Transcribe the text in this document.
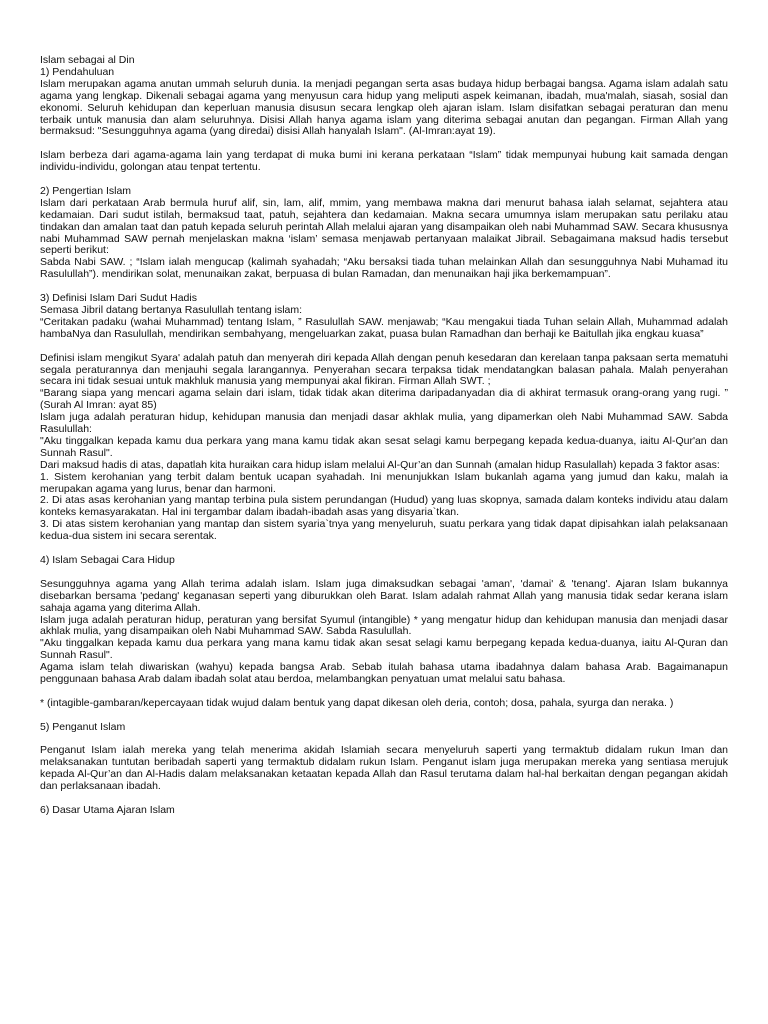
Islam sebagai al Din
1) Pendahuluan
Islam merupakan agama anutan ummah seluruh dunia. Ia menjadi pegangan serta asas budaya hidup berbagai bangsa. Agama islam adalah satu agama yang lengkap. Dikenali sebagai agama yang menyusun cara hidup yang meliputi aspek keimanan, ibadah, mua'malah, siasah, sosial dan ekonomi. Seluruh kehidupan dan keperluan manusia disusun secara lengkap oleh ajaran islam. Islam disifatkan sebagai peraturan dan menu terbaik untuk manusia dan alam seluruhnya. Disisi Allah hanya agama islam yang diterima sebagai anutan dan pegangan. Firman Allah yang bermaksud: "Sesungguhnya agama (yang diredai) disisi Allah hanyalah Islam". (Al-Imran:ayat 19).
Islam berbeza dari agama-agama lain yang terdapat di muka bumi ini kerana perkataan “Islam” tidak mempunyai hubung kait samada dengan individu-individu, golongan atau tenpat tertentu.
2) Pengertian Islam
Islam dari perkataan Arab bermula huruf alif, sin, lam, alif, mmim, yang membawa makna dari menurut bahasa ialah selamat, sejahtera atau kedamaian. Dari sudut istilah, bermaksud taat, patuh, sejahtera dan kedamaian. Makna secara umumnya islam merupakan satu perilaku atau tindakan dan amalan taat dan patuh kepada seluruh perintah Allah melalui ajaran yang disampaikan oleh nabi Muhammad SAW. Secara khususnya nabi Muhammad SAW pernah menjelaskan makna ‘islam’ semasa menjawab pertanyaan malaikat Jibrail. Sebagaimana maksud hadis tersebut seperti berikut:
Sabda Nabi SAW. ; “Islam ialah mengucap (kalimah syahadah; “Aku bersaksi tiada tuhan melainkan Allah dan sesungguhnya Nabi Muhamad itu Rasulullah”). mendirikan solat, menunaikan zakat, berpuasa di bulan Ramadan, dan menunaikan haji jika berkemampuan”.
3) Definisi Islam Dari Sudut Hadis
Semasa Jibril datang bertanya Rasulullah tentang islam:
“Ceritakan padaku (wahai Muhammad) tentang Islam, ” Rasulullah SAW. menjawab; “Kau mengakui tiada Tuhan selain Allah, Muhammad adalah hambaNya dan Rasulullah, mendirikan sembahyang, mengeluarkan zakat, puasa bulan Ramadhan dan berhaji ke Baitullah jika engkau kuasa”
Definisi islam mengikut Syara' adalah patuh dan menyerah diri kepada Allah dengan penuh kesedaran dan kerelaan tanpa paksaan serta mematuhi segala peraturannya dan menjauhi segala larangannya. Penyerahan secara terpaksa tidak mendatangkan balasan pahala. Malah penyerahan secara ini tidak sesuai untuk makhluk manusia yang mempunyai akal fikiran. Firman Allah SWT. ;
“Barang siapa yang mencari agama selain dari islam, tidak tidak akan diterima daripadanyadan dia di akhirat termasuk orang-orang yang rugi. ” (Surah Al Imran: ayat 85)
Islam juga adalah peraturan hidup, kehidupan manusia dan menjadi dasar akhlak mulia, yang dipamerkan oleh Nabi Muhammad SAW. Sabda Rasulullah:
"Aku tinggalkan kepada kamu dua perkara yang mana kamu tidak akan sesat selagi kamu berpegang kepada kedua-duanya, iaitu Al-Qur'an dan Sunnah Rasul".
Dari maksud hadis di atas, dapatlah kita huraikan cara hidup islam melalui Al-Qur’an dan Sunnah (amalan hidup Rasulallah) kepada 3 faktor asas:
1. Sistem kerohanian yang terbit dalam bentuk ucapan syahadah. Ini menunjukkan Islam bukanlah agama yang jumud dan kaku, malah ia merupakan agama yang lurus, benar dan harmoni.
2. Di atas asas kerohanian yang mantap terbina pula sistem perundangan (Hudud) yang luas skopnya, samada dalam konteks individu atau dalam konteks kemasyarakatan. Hal ini tergambar dalam ibadah-ibadah asas yang disyaria`tkan.
3. Di atas sistem kerohanian yang mantap dan sistem syaria`tnya yang menyeluruh, suatu perkara yang tidak dapat dipisahkan ialah pelaksanaan kedua-dua sistem ini secara serentak.
4) Islam Sebagai Cara Hidup
Sesungguhnya agama yang Allah terima adalah islam. Islam juga dimaksudkan sebagai 'aman', 'damai' & 'tenang'. Ajaran Islam bukannya disebarkan bersama 'pedang' keganasan seperti yang diburukkan oleh Barat. Islam adalah rahmat Allah yang manusia tidak sedar kerana islam sahaja agama yang diterima Allah.
Islam juga adalah peraturan hidup, peraturan yang bersifat Syumul (intangible) * yang mengatur hidup dan kehidupan manusia dan menjadi dasar akhlak mulia, yang disampaikan oleh Nabi Muhammad SAW. Sabda Rasulullah.
"Aku tinggalkan kepada kamu dua perkara yang mana kamu tidak akan sesat selagi kamu berpegang kepada kedua-duanya, iaitu Al-Quran dan Sunnah Rasul".
Agama islam telah diwariskan (wahyu) kepada bangsa Arab. Sebab itulah bahasa utama ibadahnya dalam bahasa Arab. Bagaimanapun penggunaan bahasa Arab dalam ibadah solat atau berdoa, melambangkan penyatuan umat melalui satu bahasa.
* (intagible-gambaran/kepercayaan tidak wujud dalam bentuk yang dapat dikesan oleh deria, contoh; dosa, pahala, syurga dan neraka. )
5) Penganut Islam
Penganut Islam ialah mereka yang telah menerima akidah Islamiah secara menyeluruh saperti yang termaktub didalam rukun Iman dan melaksanakan tuntutan beribadah saperti yang termaktub didalam rukun Islam. Penganut islam juga merupakan mereka yang sentiasa merujuk kepada Al-Qur’an dan Al-Hadis dalam melaksanakan ketaatan kepada Allah dan Rasul terutama dalam hal-hal berkaitan dengan pegangan akidah dan perlaksanaan ibadah.
6) Dasar Utama Ajaran Islam
